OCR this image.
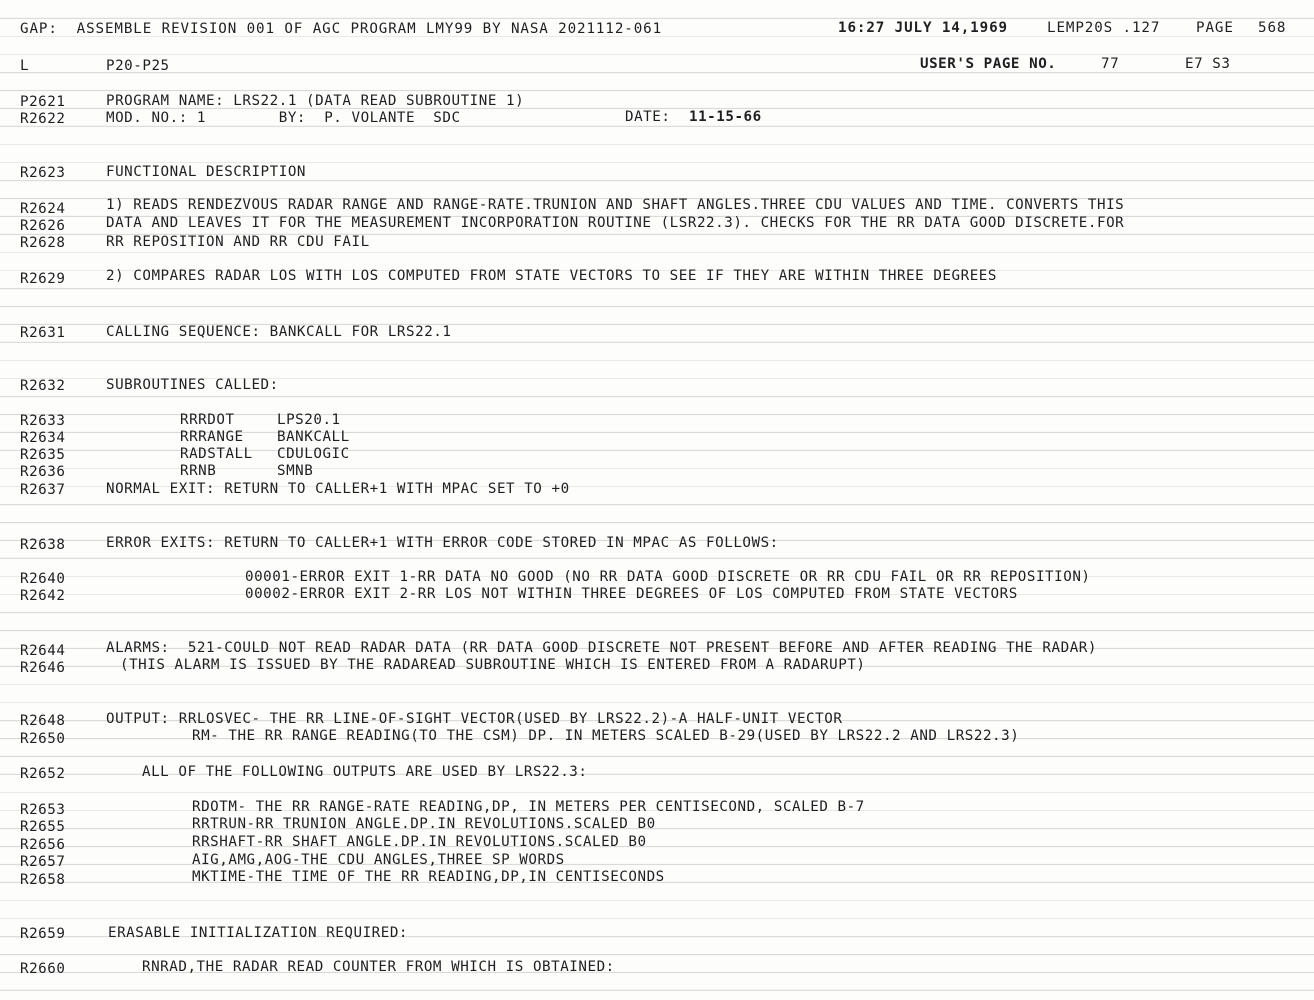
GAP:  ASSEMBLE REVISION 001 OF AGC PROGRAM LMY99 BY NASA 2021112-061	16:27 JULY 14,1969	LEMP20S .127	PAGE 568
L	P20-P25	USER'S PAGE NO.	77	E7 S3
P2621	PROGRAM NAME: LRS22.1 (DATA READ SUBROUTINE 1)
R2622	MOD. NO.: 1        BY:  P. VOLANTE  SDC	DATE: 11-15-66
R2623	FUNCTIONAL DESCRIPTION
R2624	1) READS RENDEZVOUS RADAR RANGE AND RANGE-RATE.TRUNION AND SHAFT ANGLES.THREE CDU VALUES AND TIME. CONVERTS THIS
R2626	DATA AND LEAVES IT FOR THE MEASUREMENT INCORPORATION ROUTINE (LSR22.3). CHECKS FOR THE RR DATA GOOD DISCRETE.FOR
R2628	RR REPOSITION AND RR CDU FAIL
R2629	2) COMPARES RADAR LOS WITH LOS COMPUTED FROM STATE VECTORS TO SEE IF THEY ARE WITHIN THREE DEGREES
R2631	CALLING SEQUENCE: BANKCALL FOR LRS22.1
R2632	SUBROUTINES CALLED:
R2633	RRRDOT	LPS20.1
R2634	RRRANGE BANKCALL
R2635	RADSTALL CDULOGIC
R2636	RRNB	SMNB
R2637	NORMAL EXIT: RETURN TO CALLER+1 WITH MPAC SET TO +0
R2638	ERROR EXITS: RETURN TO CALLER+1 WITH ERROR CODE STORED IN MPAC AS FOLLOWS:
R2640	00001-ERROR EXIT 1-RR DATA NO GOOD (NO RR DATA GOOD DISCRETE OR RR CDU FAIL OR RR REPOSITION)
R2642	00002-ERROR EXIT 2-RR LOS NOT WITHIN THREE DEGREES OF LOS COMPUTED FROM STATE VECTORS
R2644	ALARMS:  521-COULD NOT READ RADAR DATA (RR DATA GOOD DISCRETE NOT PRESENT BEFORE AND AFTER READING THE RADAR)
R2646	(THIS ALARM IS ISSUED BY THE RADAREAD SUBROUTINE WHICH IS ENTERED FROM A RADARUPT)
R2648	OUTPUT: RRLOSVEC- THE RR LINE-OF-SIGHT VECTOR(USED BY LRS22.2)-A HALF-UNIT VECTOR
R2650	RM- THE RR RANGE READING(TO THE CSM) DP. IN METERS SCALED B-29(USED BY LRS22.2 AND LRS22.3)
R2652	ALL OF THE FOLLOWING OUTPUTS ARE USED BY LRS22.3:
R2653	RDOTM- THE RR RANGE-RATE READING,DP, IN METERS PER CENTISECOND, SCALED B-7
R2655	RRTRUN-RR TRUNION ANGLE.DP.IN REVOLUTIONS.SCALED B0
R2656	RRSHAFT-RR SHAFT ANGLE.DP.IN REVOLUTIONS.SCALED B0
R2657	AIG,AMG,AOG-THE CDU ANGLES,THREE SP WORDS
R2658	MKTIME-THE TIME OF THE RR READING,DP,IN CENTISECONDS
R2659	ERASABLE INITIALIZATION REQUIRED:
R2660	RNRAD,THE RADAR READ COUNTER FROM WHICH IS OBTAINED:
